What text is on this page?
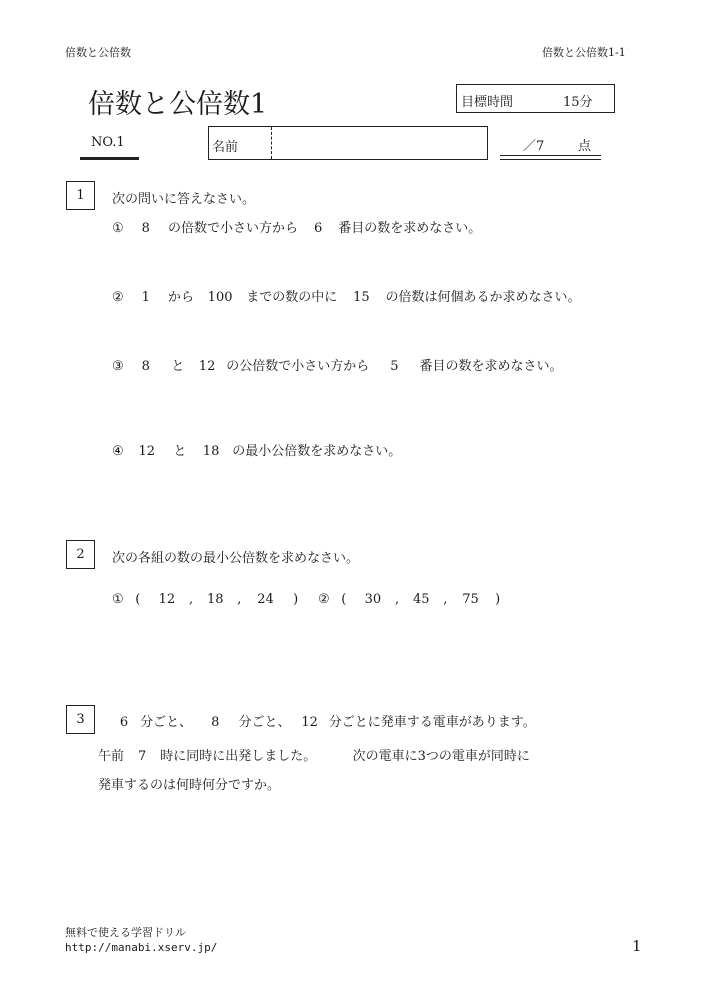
倍数と公倍数	倍数と公倍数1-1
倍数と公倍数1	目標時間	15分
NO.1	名前	／7	点
1	次の問いに答えなさい。
① 8 の倍数で小さい方から 6 番目の数を求めなさい。
② 1 から 100 までの数の中に 15 の倍数は何個あるか求めなさい。
③ 8 と 12 の公倍数で小さい方から 5 番目の数を求めなさい。
④ 12 と 18 の最小公倍数を求めなさい。
2	次の各組の数の最小公倍数を求めなさい。
① ( 12 , 18 , 24 )	② ( 30 , 45 , 75 )
3	6 分ごと、 8 分ごと、 12 分ごとに発車する電車があります。
午前 7 時に同時に出発しました。	次の電車に3つの電車が同時に
発車するのは何時何分ですか。
無料で使える学習ドリル
http://manabi.xserv.jp/	1
